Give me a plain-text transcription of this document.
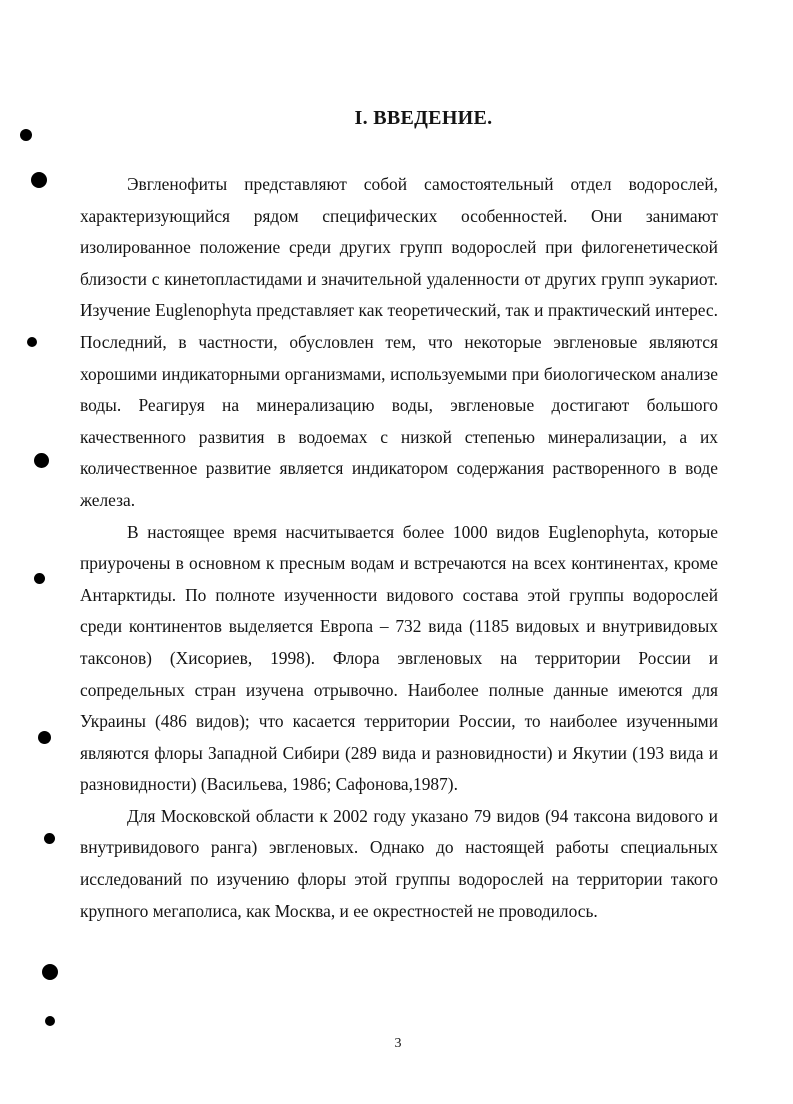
I. ВВЕДЕНИЕ.

Эвгленофиты представляют собой самостоятельный отдел водорослей, характеризующийся рядом специфических особенностей. Они занимают изолированное положение среди других групп водорослей при филогенетической близости с кинетопластидами и значительной удаленности от других групп эукариот. Изучение Euglenophyta представляет как теоретический, так и практический интерес. Последний, в частности, обусловлен тем, что некоторые эвгленовые являются хорошими индикаторными организмами, используемыми при биологическом анализе воды. Реагируя на минерализацию воды, эвгленовые достигают большого качественного развития в водоемах с низкой степенью минерализации, а их количественное развитие является индикатором содержания растворенного в воде железа.

В настоящее время насчитывается более 1000 видов Euglenophyta, которые приурочены в основном к пресным водам и встречаются на всех континентах, кроме Антарктиды. По полноте изученности видового состава этой группы водорослей среди континентов выделяется Европа – 732 вида (1185 видовых и внутривидовых таксонов) (Хисориев, 1998). Флора эвгленовых на территории России и сопредельных стран изучена отрывочно. Наиболее полные данные имеются для Украины (486 видов); что касается территории России, то наиболее изученными являются флоры Западной Сибири (289 вида и разновидности) и Якутии (193 вида и разновидности) (Васильева, 1986; Сафонова,1987).

Для Московской области к 2002 году указано 79 видов (94 таксона видового и внутривидового ранга) эвгленовых. Однако до настоящей работы специальных исследований по изучению флоры этой группы водорослей на территории такого крупного мегаполиса, как Москва, и ее окрестностей не проводилось.

3
